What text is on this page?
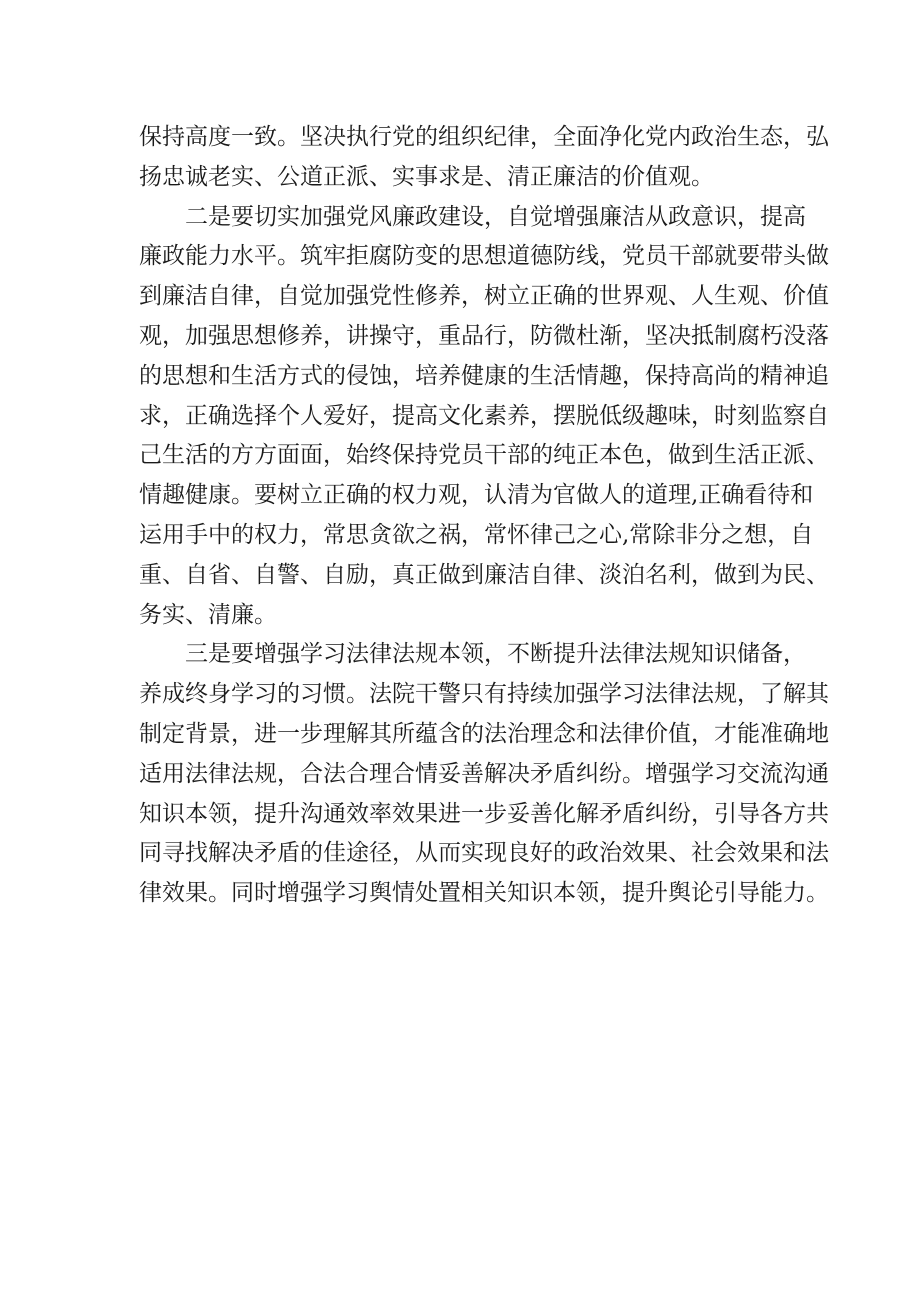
保持高度一致。坚决执行党的组织纪律，全面净化党内政治生态，弘
扬忠诚老实、公道正派、实事求是、清正廉洁的价值观。
二是要切实加强党风廉政建设，自觉增强廉洁从政意识，提高
廉政能力水平。筑牢拒腐防变的思想道德防线，党员干部就要带头做
到廉洁自律，自觉加强党性修养，树立正确的世界观、人生观、价值
观，加强思想修养，讲操守，重品行，防微杜渐，坚决抵制腐朽没落
的思想和生活方式的侵蚀，培养健康的生活情趣，保持高尚的精神追
求，正确选择个人爱好，提高文化素养，摆脱低级趣味，时刻监察自
己生活的方方面面，始终保持党员干部的纯正本色，做到生活正派、
情趣健康。要树立正确的权力观，认清为官做人的道理,正确看待和
运用手中的权力，常思贪欲之祸，常怀律己之心,常除非分之想，自
重、自省、自警、自励，真正做到廉洁自律、淡泊名利，做到为民、
务实、清廉。
三是要增强学习法律法规本领，不断提升法律法规知识储备，
养成终身学习的习惯。法院干警只有持续加强学习法律法规，了解其
制定背景，进一步理解其所蕴含的法治理念和法律价值，才能准确地
适用法律法规，合法合理合情妥善解决矛盾纠纷。增强学习交流沟通
知识本领，提升沟通效率效果进一步妥善化解矛盾纠纷，引导各方共
同寻找解决矛盾的佳途径，从而实现良好的政治效果、社会效果和法
律效果。同时增强学习舆情处置相关知识本领，提升舆论引导能力。
